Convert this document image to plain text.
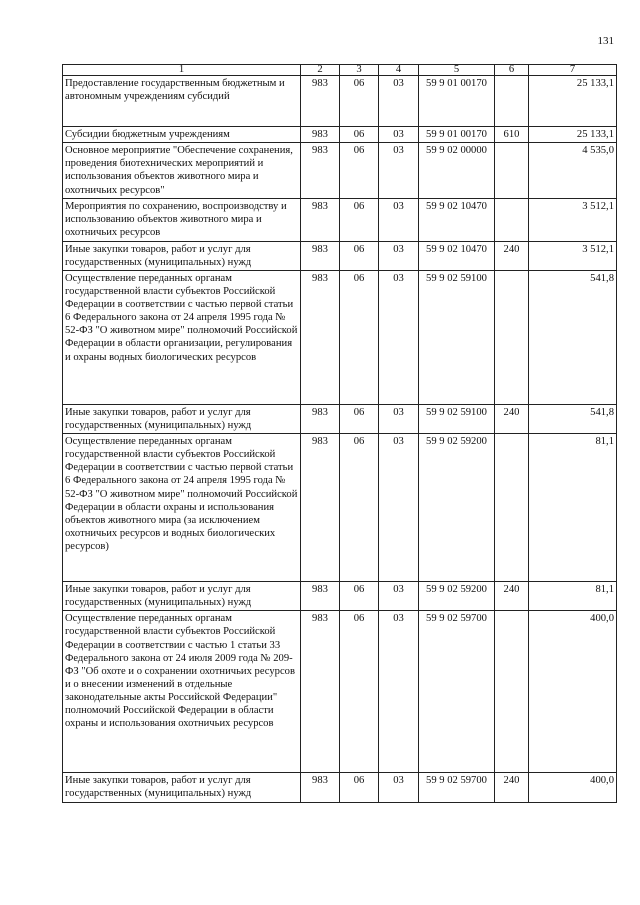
131
1	2	3	4	5	6	7
Предоставление государственным бюджетным и автономным учреждениям субсидий	983	06	03	59 9 01 00170		25 133,1
Субсидии бюджетным учреждениям	983	06	03	59 9 01 00170	610	25 133,1
Основное мероприятие "Обеспечение сохранения, проведения биотехнических мероприятий и использования объектов животного мира и охотничьих ресурсов"	983	06	03	59 9 02 00000		4 535,0
Мероприятия по сохранению, воспроизводству и использованию объектов животного мира и охотничьих ресурсов	983	06	03	59 9 02 10470		3 512,1
Иные закупки товаров, работ и услуг для государственных (муниципальных) нужд	983	06	03	59 9 02 10470	240	3 512,1
Осуществление переданных органам государственной власти субъектов Российской Федерации в соответствии с частью первой статьи 6 Федерального закона от 24 апреля 1995 года № 52-ФЗ "О животном мире" полномочий Российской Федерации в области организации, регулирования и охраны водных биологических ресурсов	983	06	03	59 9 02 59100		541,8
Иные закупки товаров, работ и услуг для государственных (муниципальных) нужд	983	06	03	59 9 02 59100	240	541,8
Осуществление переданных органам государственной власти субъектов Российской Федерации в соответствии с частью первой статьи 6 Федерального закона от 24 апреля 1995 года № 52-ФЗ "О животном мире" полномочий Российской Федерации в области охраны и использования объектов животного мира (за исключением охотничьих ресурсов и водных биологических ресурсов)	983	06	03	59 9 02 59200		81,1
Иные закупки товаров, работ и услуг для государственных (муниципальных) нужд	983	06	03	59 9 02 59200	240	81,1
Осуществление переданных органам государственной власти субъектов Российской Федерации в соответствии с частью 1 статьи 33 Федерального закона от 24 июля 2009 года № 209-ФЗ "Об охоте и о сохранении охотничьих ресурсов и о внесении изменений в отдельные законодательные акты Российской Федерации" полномочий Российской Федерации в области охраны и использования охотничьих ресурсов	983	06	03	59 9 02 59700		400,0
Иные закупки товаров, работ и услуг для государственных (муниципальных) нужд	983	06	03	59 9 02 59700	240	400,0
